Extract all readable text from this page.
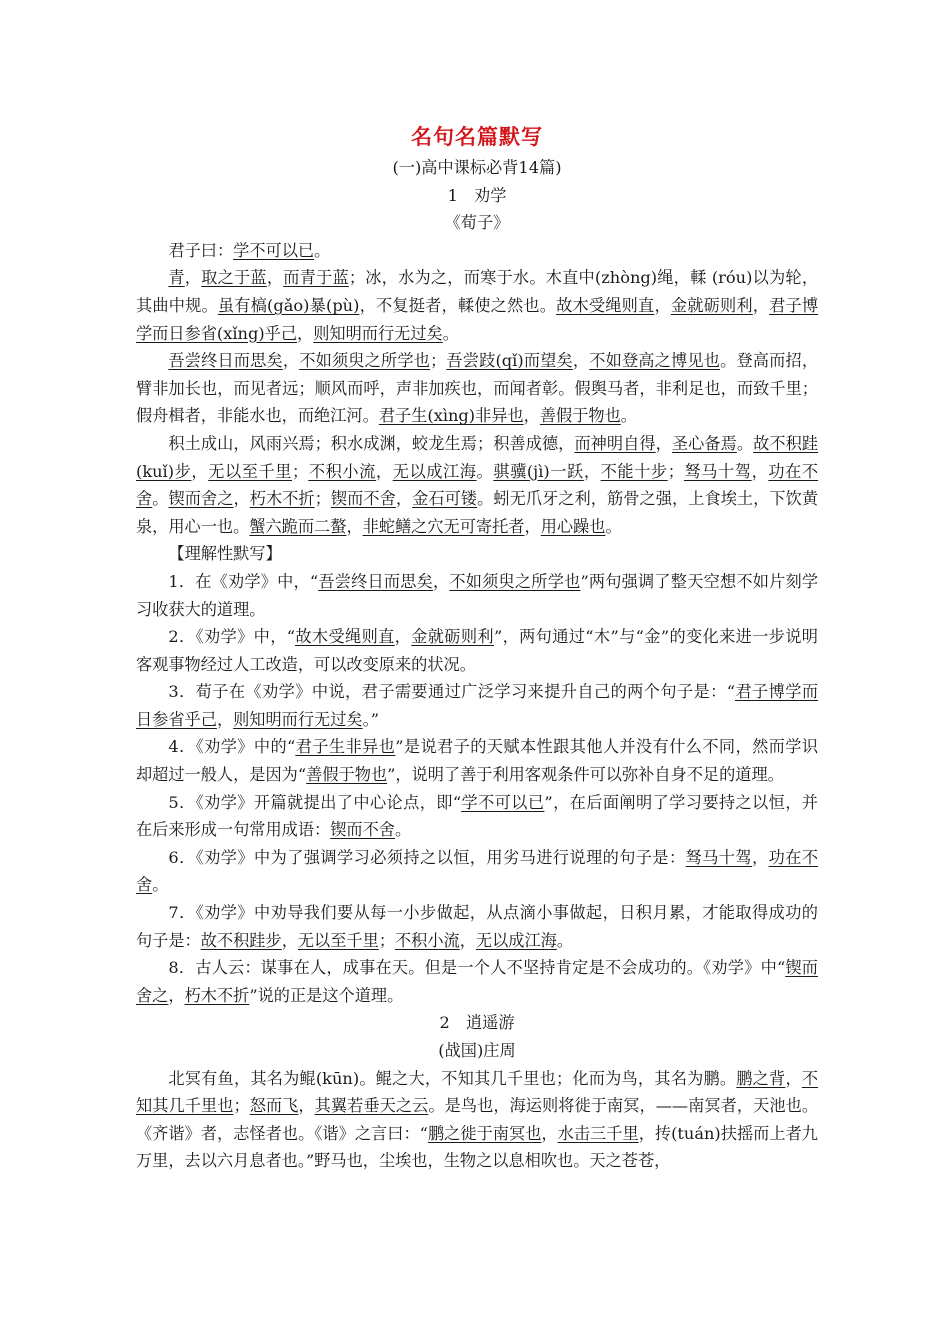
名句名篇默写
(一)高中课标必背14篇)
1　劝学
《荀子》

君子曰：学不可以已。

青，取之于蓝，而青于蓝；冰，水为之，而寒于水。木直中(zhòng)绳，輮 (róu)以为轮，其曲中规。虽有槁(gǎo)暴(pù)，不复挺者，輮使之然也。故木受绳则直，金就砺则利，君子博学而日参省(xǐng)乎己，则知明而行无过矣。

吾尝终日而思矣，不如须臾之所学也；吾尝跂(qǐ)而望矣，不如登高之博见也。登高而招，臂非加长也，而见者远；顺风而呼，声非加疾也，而闻者彰。假舆马者，非利足也，而致千里；假舟楫者，非能水也，而绝江河。君子生(xìng)非异也，善假于物也。

积土成山，风雨兴焉；积水成渊，蛟龙生焉；积善成德，而神明自得，圣心备焉。故不积跬(kuǐ)步，无以至千里；不积小流，无以成江海。骐骥(jì)一跃，不能十步；驽马十驾，功在不舍。锲而舍之，朽木不折；锲而不舍，金石可镂。蚓无爪牙之利，筋骨之强，上食埃土，下饮黄泉，用心一也。蟹六跪而二螯，非蛇鳝之穴无可寄托者，用心躁也。

【理解性默写】

1．在《劝学》中，“吾尝终日而思矣，不如须臾之所学也”两句强调了整天空想不如片刻学习收获大的道理。

2．《劝学》中，“故木受绳则直，金就砺则利”，两句通过“木”与“金”的变化来进一步说明客观事物经过人工改造，可以改变原来的状况。

3．荀子在《劝学》中说，君子需要通过广泛学习来提升自己的两个句子是：“君子博学而日参省乎己，则知明而行无过矣。”

4．《劝学》中的“君子生非异也”是说君子的天赋本性跟其他人并没有什么不同，然而学识却超过一般人，是因为“善假于物也”，说明了善于利用客观条件可以弥补自身不足的道理。

5．《劝学》开篇就提出了中心论点，即“学不可以已”，在后面阐明了学习要持之以恒，并在后来形成一句常用成语：锲而不舍。

6．《劝学》中为了强调学习必须持之以恒，用劣马进行说理的句子是：驽马十驾，功在不舍。

7．《劝学》中劝导我们要从每一小步做起，从点滴小事做起，日积月累，才能取得成功的句子是：故不积跬步，无以至千里；不积小流，无以成江海。

8．古人云：谋事在人，成事在天。但是一个人不坚持肯定是不会成功的。《劝学》中“锲而舍之，朽木不折”说的正是这个道理。

2　逍遥游
(战国)庄周

北冥有鱼，其名为鲲(kūn)。鲲之大，不知其几千里也；化而为鸟，其名为鹏。鹏之背，不知其几千里也；怒而飞，其翼若垂天之云。是鸟也，海运则将徙于南冥，——南冥者，天池也。《齐谐》者，志怪者也。《谐》之言曰：“鹏之徙于南冥也，水击三千里，抟(tuán)扶摇而上者九万里，去以六月息者也。”野马也，尘埃也，生物之以息相吹也。天之苍苍，
